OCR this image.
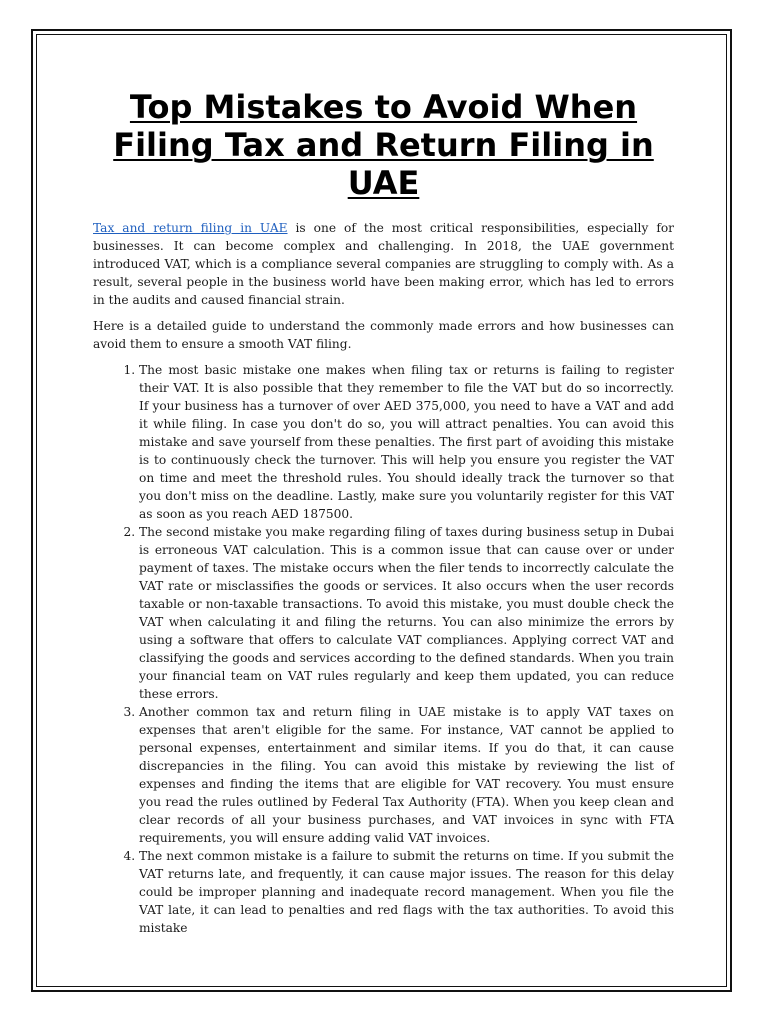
Top Mistakes to Avoid When Filing Tax and Return Filing in UAE

Tax and return filing in UAE is one of the most critical responsibilities, especially for businesses. It can become complex and challenging. In 2018, the UAE government introduced VAT, which is a compliance several companies are struggling to comply with. As a result, several people in the business world have been making error, which has led to errors in the audits and caused financial strain.

Here is a detailed guide to understand the commonly made errors and how businesses can avoid them to ensure a smooth VAT filing.

1. The most basic mistake one makes when filing tax or returns is failing to register their VAT. It is also possible that they remember to file the VAT but do so incorrectly. If your business has a turnover of over AED 375,000, you need to have a VAT and add it while filing. In case you don't do so, you will attract penalties. You can avoid this mistake and save yourself from these penalties. The first part of avoiding this mistake is to continuously check the turnover. This will help you ensure you register the VAT on time and meet the threshold rules. You should ideally track the turnover so that you don't miss on the deadline. Lastly, make sure you voluntarily register for this VAT as soon as you reach AED 187500.
2. The second mistake you make regarding filing of taxes during business setup in Dubai is erroneous VAT calculation. This is a common issue that can cause over or under payment of taxes. The mistake occurs when the filer tends to incorrectly calculate the VAT rate or misclassifies the goods or services. It also occurs when the user records taxable or non-taxable transactions. To avoid this mistake, you must double check the VAT when calculating it and filing the returns. You can also minimize the errors by using a software that offers to calculate VAT compliances. Applying correct VAT and classifying the goods and services according to the defined standards. When you train your financial team on VAT rules regularly and keep them updated, you can reduce these errors.
3. Another common tax and return filing in UAE mistake is to apply VAT taxes on expenses that aren't eligible for the same. For instance, VAT cannot be applied to personal expenses, entertainment and similar items. If you do that, it can cause discrepancies in the filing. You can avoid this mistake by reviewing the list of expenses and finding the items that are eligible for VAT recovery. You must ensure you read the rules outlined by Federal Tax Authority (FTA). When you keep clean and clear records of all your business purchases, and VAT invoices in sync with FTA requirements, you will ensure adding valid VAT invoices.
4. The next common mistake is a failure to submit the returns on time. If you submit the VAT returns late, and frequently, it can cause major issues. The reason for this delay could be improper planning and inadequate record management. When you file the VAT late, it can lead to penalties and red flags with the tax authorities. To avoid this mistake
